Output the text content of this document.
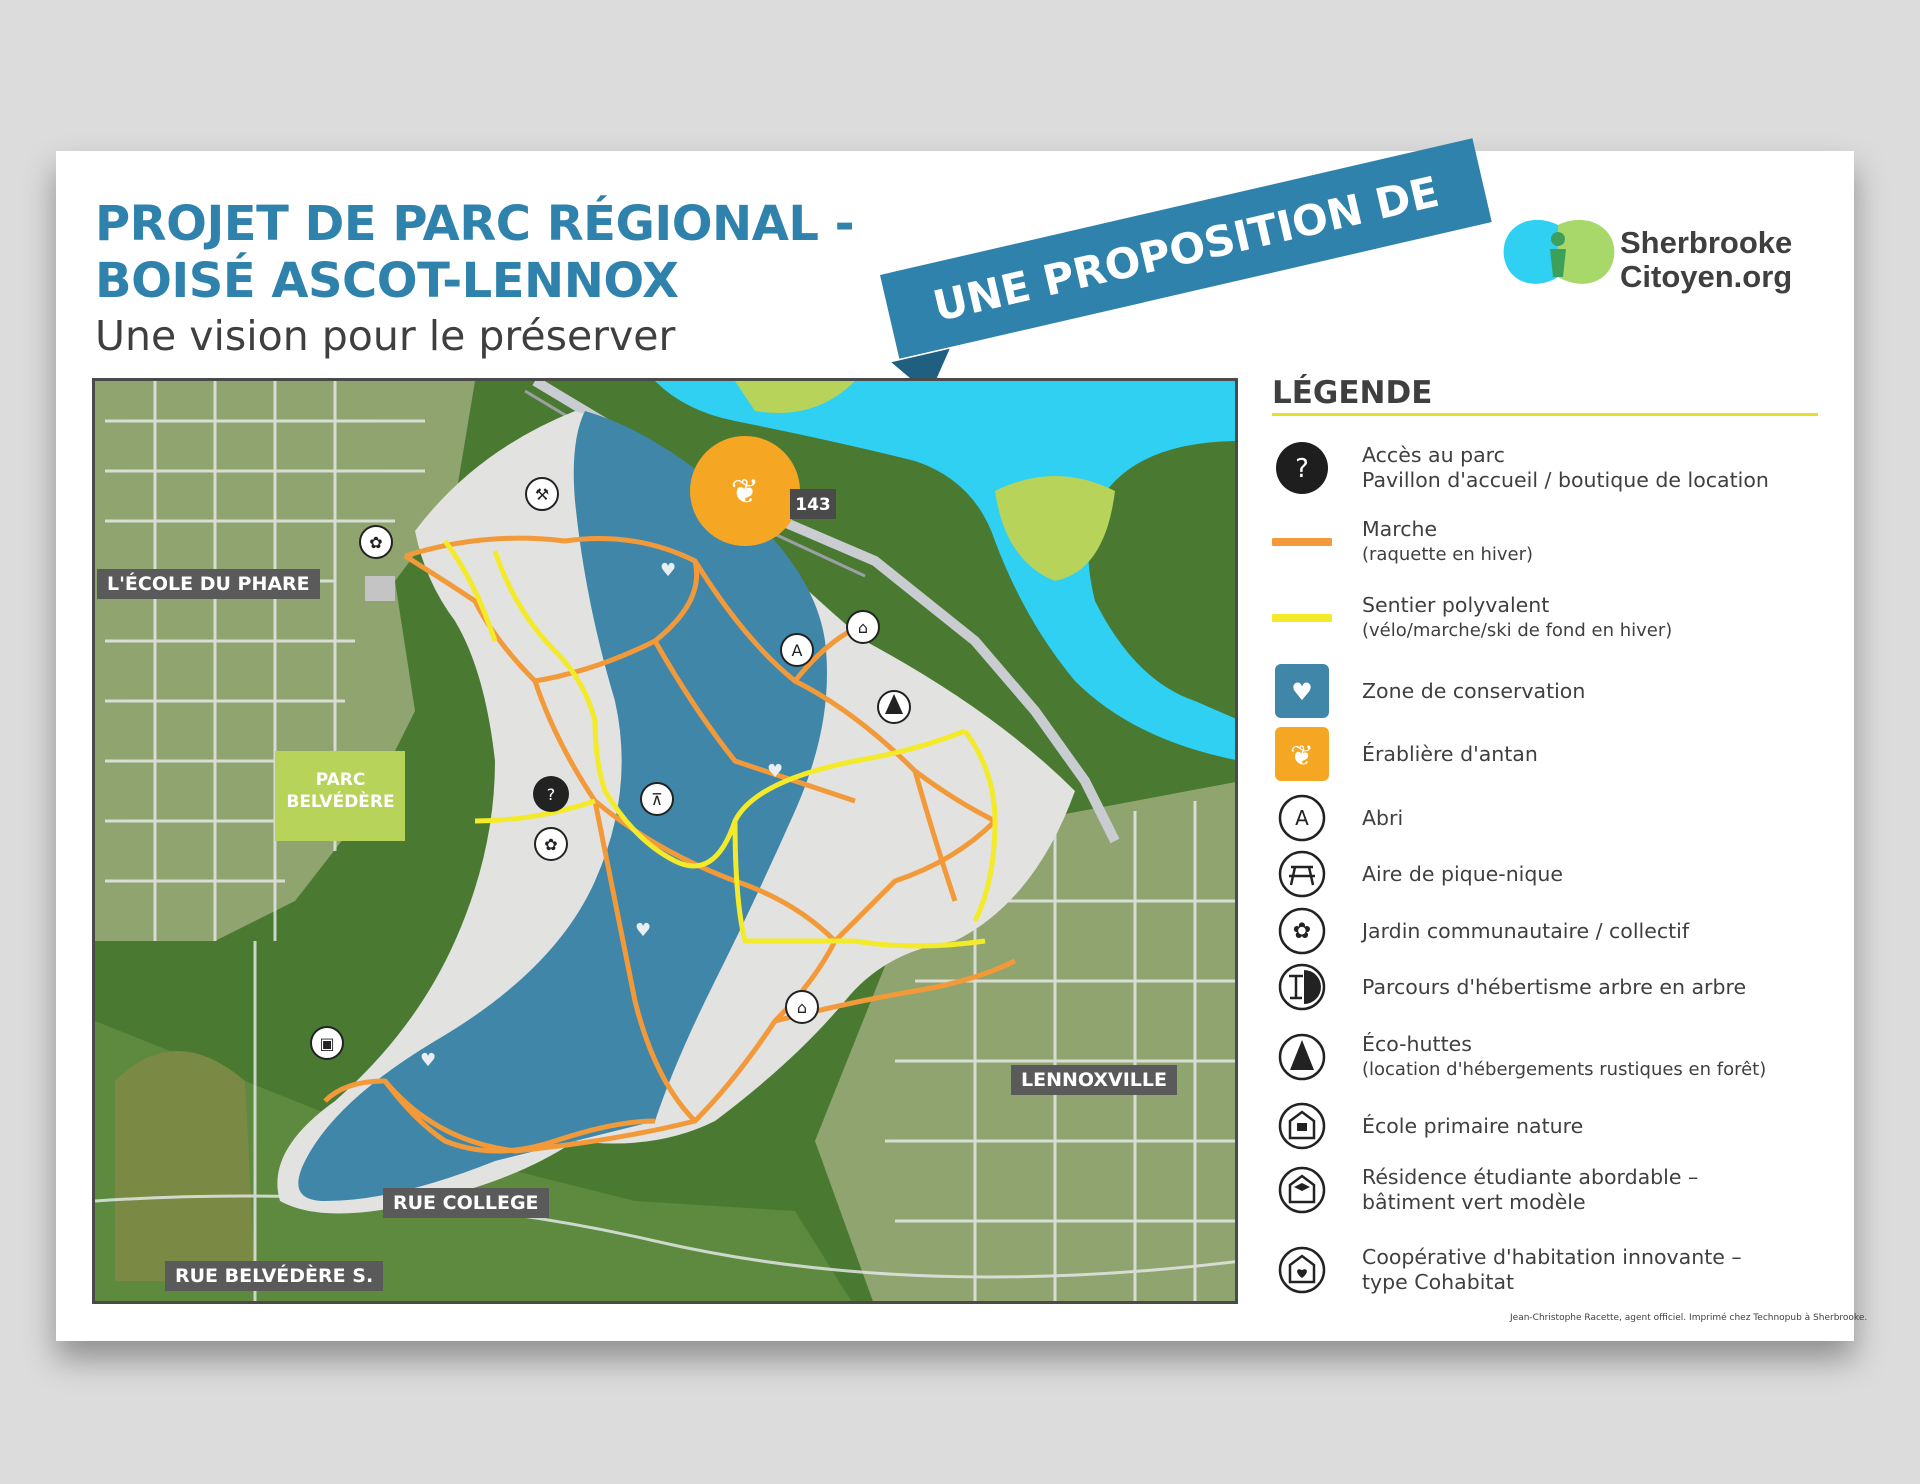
PROJET DE PARC RÉGIONAL -
BOISÉ ASCOT-LENNOX
Une vision pour le préserver
UNE PROPOSITION DE	Sherbrooke
Citoyen.org
143
⚒
✿
A
⌂
?
✿
⊼
⌂
▣
❦
♥
♥
♥
♥
L'ÉCOLE DU PHARE
PARC
BELVÉDÈRE
LENNOXVILLE
RUE COLLEGE
RUE BELVÉDÈRE S.
LÉGENDE
?	Accès au parc
Pavillon d'accueil / boutique de location
Marche
(raquette en hiver)
Sentier polyvalent
(vélo/marche/ski de fond en hiver)
♥ Zone de conservation
❦ Érablière d'antan
A	Abri
Aire de pique-nique
✿ Jardin communautaire / collectif
Parcours d'hébertisme arbre en arbre
Éco-huttes
(location d'hébergements rustiques en forêt)
École primaire nature
Résidence étudiante abordable –
bâtiment vert modèle
Coopérative d'habitation innovante –
type Cohabitat
Jean-Christophe Racette, agent officiel. Imprimé chez Technopub à Sherbrooke.
